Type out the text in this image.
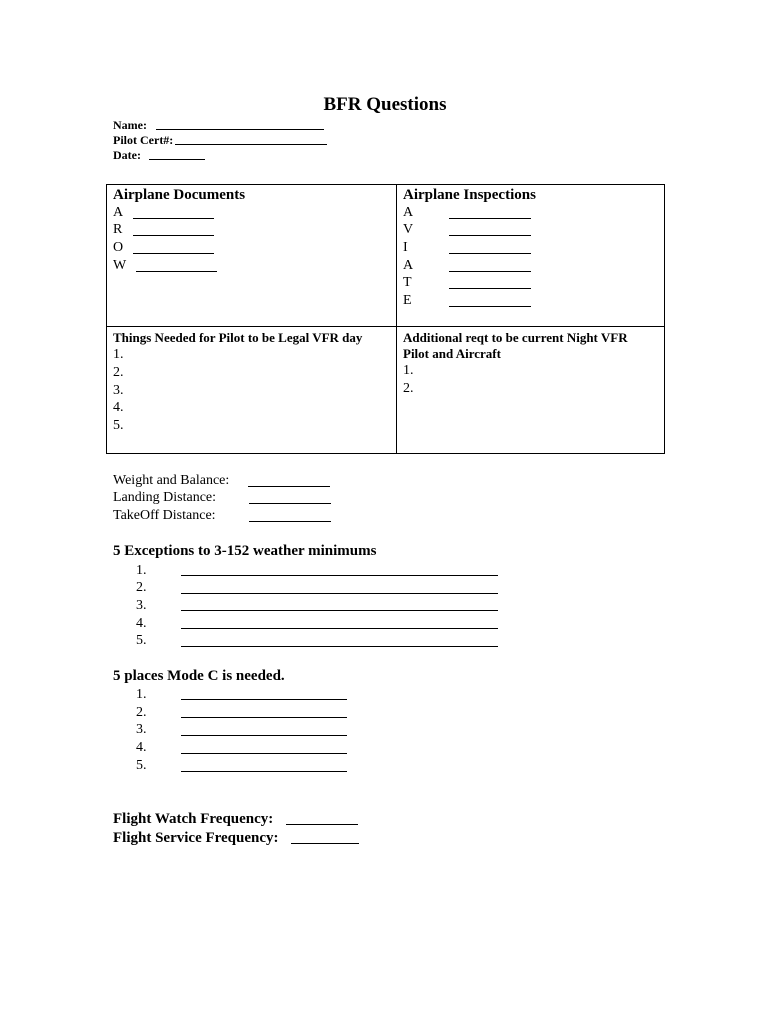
BFR Questions
Name:
Pilot Cert#:
Date:
Airplane Documents
A
R
O
W
Airplane Inspections
A
V
I
A
T
E
Things Needed for Pilot to be Legal VFR day
1.
2.
3.
4.
5.
Additional reqt to be current Night VFR
Pilot and Aircraft
1.
2.
Weight and Balance:
Landing Distance:
TakeOff Distance:
5 Exceptions to 3-152 weather minimums
1.
2.
3.
4.
5.
5 places Mode C is needed.
1.
2.
3.
4.
5.
Flight Watch Frequency:
Flight Service Frequency:
